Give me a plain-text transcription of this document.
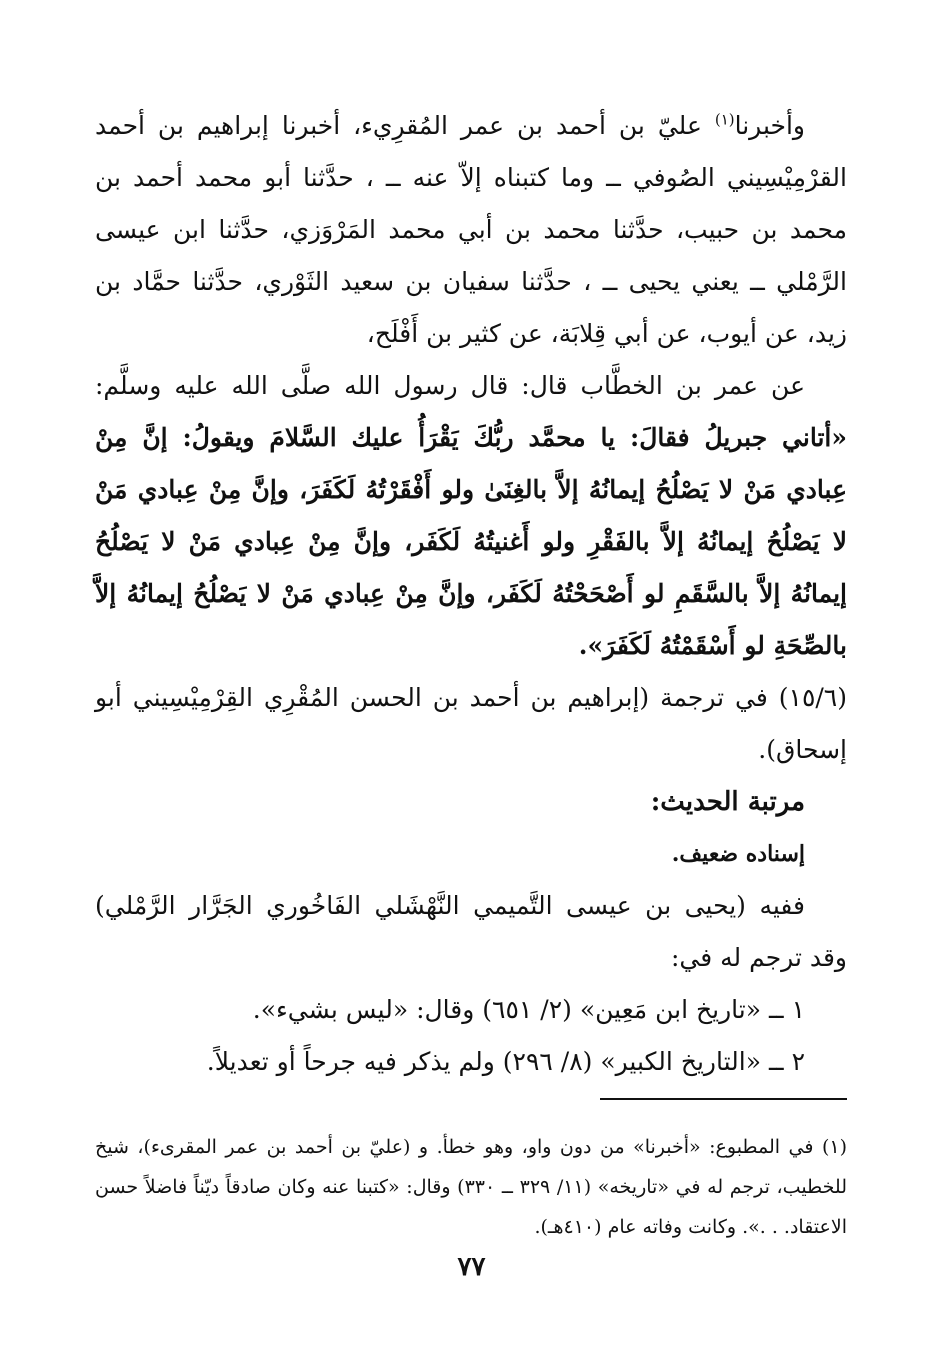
وأخبرنا$^{(١)}$ عليّ بن أحمد بن عمر المُقرِيء، أخبرنا إبراهيم بن أحمد القرْمِيْسِيني الصُوفي ــ وما كتبناه إلاّ عنه ــ ، حدَّثنا أبو محمد أحمد بن محمد بن حبيب، حدَّثنا محمد بن أبي محمد المَرْوَزي، حدَّثنا ابن عيسى الرَّمْلي ــ يعني يحيى ــ ، حدَّثنا سفيان بن سعيد الثَوْري، حدَّثنا حمَّاد بن زيد، عن أيوب، عن أبي قِلابَة، عن كثير بن أَفْلَح،

عن عمر بن الخطَّاب قال: قال رسول الله صلَّى الله عليه وسلَّم: «أتاني جبريلُ فقالَ: يا محمَّد ربُّكَ يَقْرَأُ عليك السَّلامَ ويقولُ: إنَّ مِنْ عِبادي مَنْ لا يَصْلُحُ إيمانُهُ إلاَّ بالغِنَىٰ ولو أَفْقَرْتُهُ لَكَفَرَ، وإنَّ مِنْ عِبادي مَنْ لا يَصْلُحُ إيمانُهُ إلاَّ بالفَقْرِ ولو أَغنيتُهُ لَكَفَر، وإنَّ مِنْ عِبادي مَنْ لا يَصْلُحُ إيمانُهُ إلاَّ بالسَّقَمِ لو أَصْحَحْتُهُ لَكَفَر، وإنَّ مِنْ عِبادي مَنْ لا يَصْلُحُ إيمانُهُ إلاَّ بالصِّحَةِ لو أَسْقَمْتُهُ لَكَفَرَ».

(١٥/٦) في ترجمة (إبراهيم بن أحمد بن الحسن المُقْرِي القِرْمِيْسِيني أبو إسحاق).

مرتبة الحديث:

إسناده ضعيف.

ففيه (يحيى بن عيسى التَّميمي النَّهْشَلي الفَاخُوري الجَرَّار الرَّمْلي) وقد ترجم له في:

١ ــ «تاريخ ابن مَعِين» (٢/ ٦٥١) وقال: «ليس بشيء».

٢ ــ «التاريخ الكبير» (٨/ ٢٩٦) ولم يذكر فيه جرحاً أو تعديلاً.

(١) في المطبوع: «أخبرنا» من دون واو، وهو خطأ. و (عليّ بن أحمد بن عمر المقرىء)، شيخ للخطيب، ترجم له في «تاريخه» (١١/ ٣٢٩ ــ ٣٣٠) وقال: «كتبنا عنه وكان صادقاً ديّناً فاضلاً حسن الاعتقاد. . .». وكانت وفاته عام (٤١٠هـ).

٧٧
